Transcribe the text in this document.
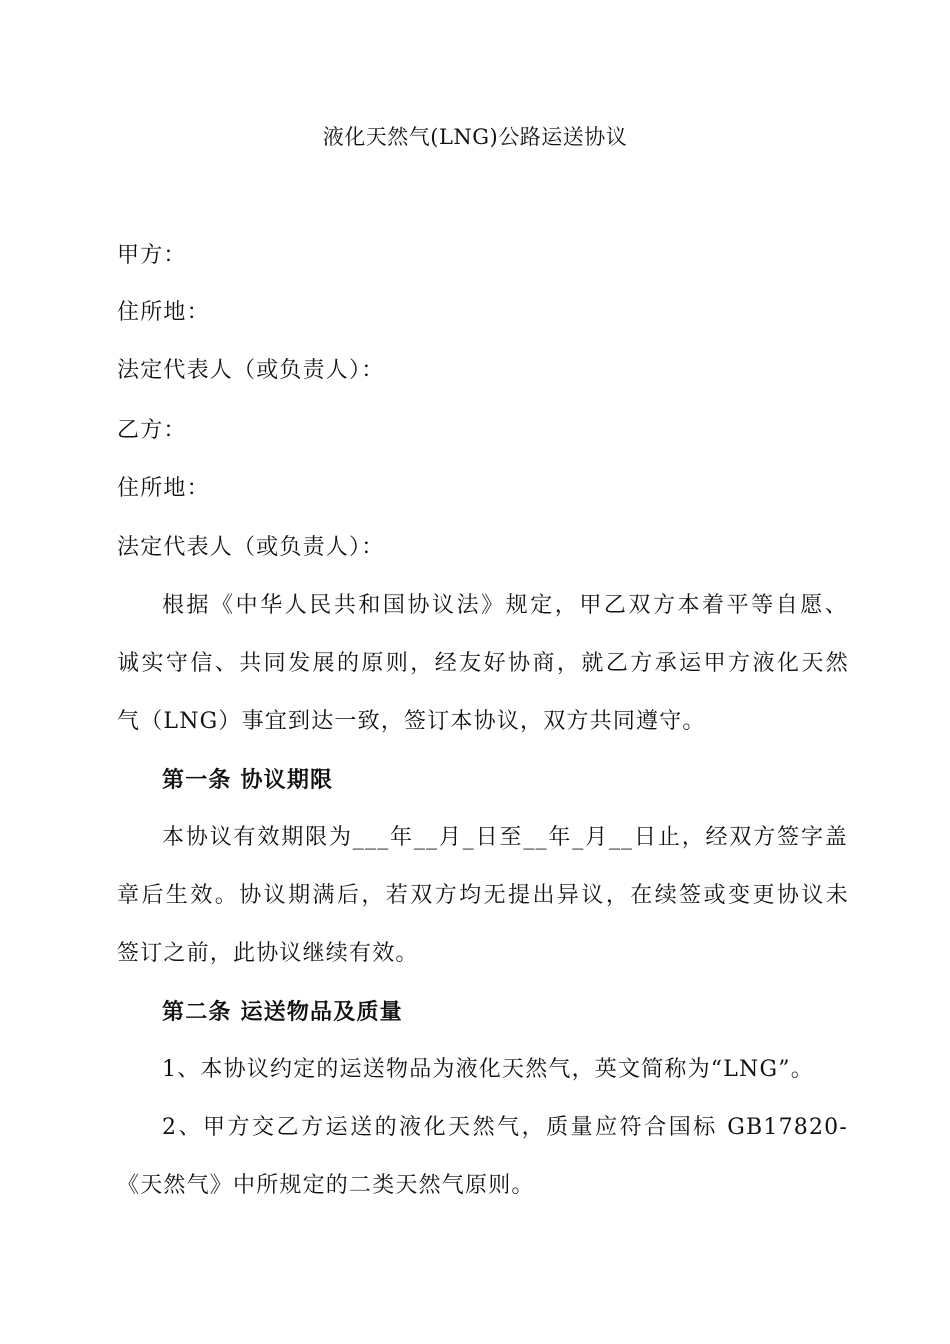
液化天然气(LNG)公路运送协议
甲方：
住所地：
法定代表人（或负责人）：
乙方：
住所地：
法定代表人（或负责人）：
根据《中华人民共和国协议法》规定，甲乙双方本着平等自愿、
诚实守信、共同发展的原则，经友好协商，就乙方承运甲方液化天然
气（LNG）事宜到达一致，签订本协议，双方共同遵守。
第一条 协议期限
本协议有效期限为___年__月_日至__年_月__日止，经双方签字盖
章后生效。协议期满后，若双方均无提出异议，在续签或变更协议未
签订之前，此协议继续有效。
第二条 运送物品及质量
1、本协议约定的运送物品为液化天然气，英文简称为“LNG”。
2、甲方交乙方运送的液化天然气，质量应符合国标 GB17820-
《天然气》中所规定的二类天然气原则。
